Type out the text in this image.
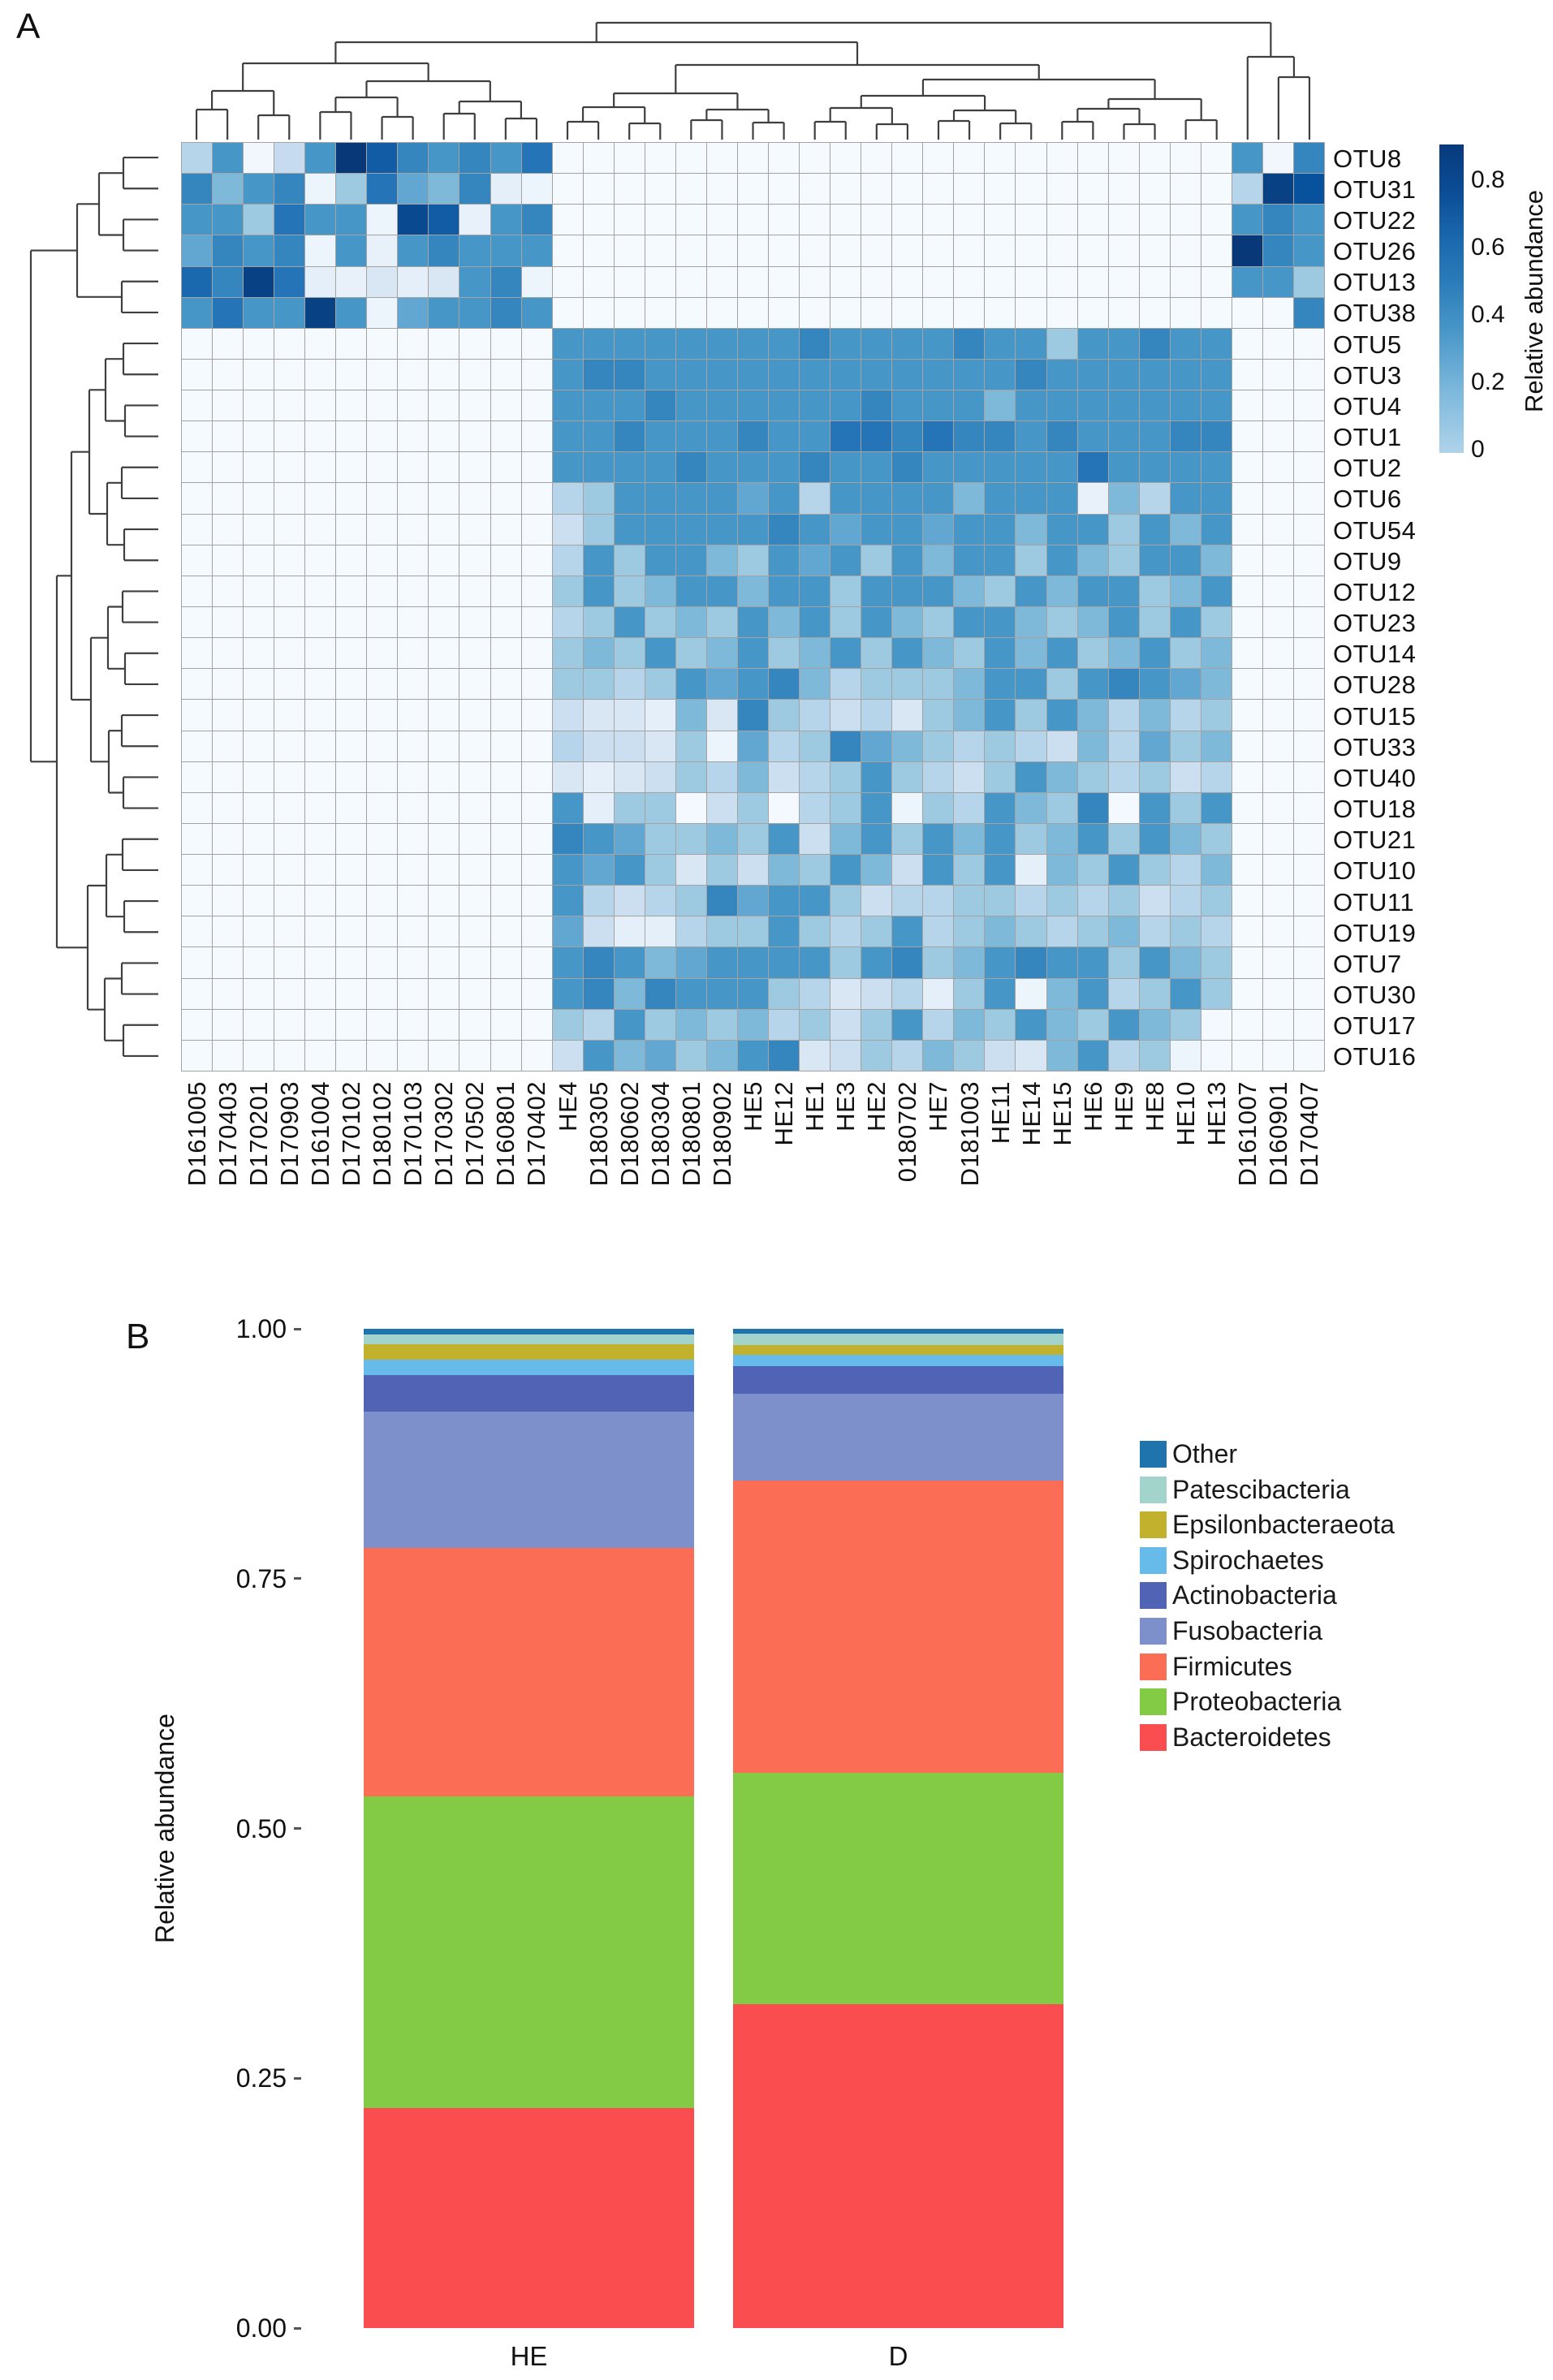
A
OTU8
OTU31
OTU22
OTU26
OTU13
OTU38
OTU5
OTU3
OTU4
OTU1
OTU2
OTU6
OTU54
OTU9
OTU12
OTU23
OTU14
OTU28
OTU15
OTU33
OTU40
OTU18
OTU21
OTU10
OTU11
OTU19
OTU7
OTU30
OTU17
OTU16
D161005 D170403 D170201 D170903 D161004 D170102 D180102 D170103 D170302 D170502 D160801 D170402 HE4 D180305 D180602 D180304 D180801 D180902 HE5 HE12 HE1 HE3 HE2 0180702 HE7 D181003 HE11 HE14 HE15 HE6 HE9 HE8 HE10 HE13 D161007 D160901 D170407
0.8
0.6
0.4
0.2
0
Relative abundance
B
Relative abundance
1.00
0.75
0.50
0.25
0.00
HE	D
Other
Patescibacteria
Epsilonbacteraeota
Spirochaetes
Actinobacteria
Fusobacteria
Firmicutes
Proteobacteria
Bacteroidetes
